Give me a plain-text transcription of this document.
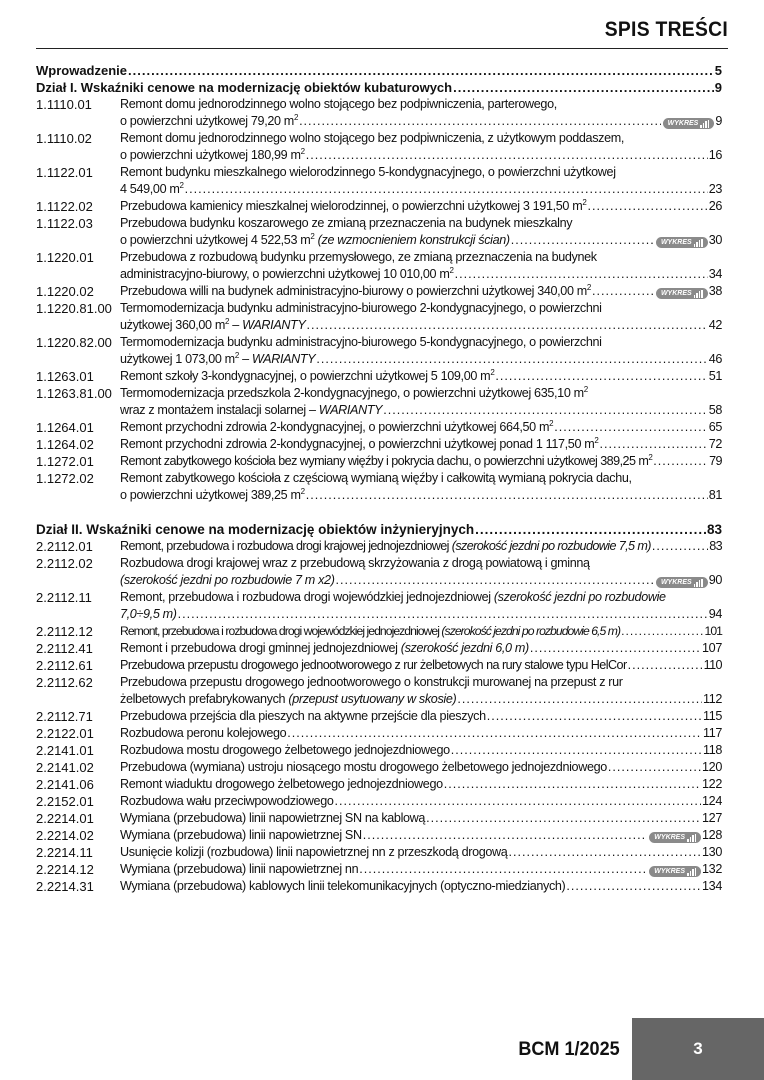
SPIS TREŚCI
Wprowadzenie .....	5
Dział I. Wskaźniki cenowe na modernizację obiektów kubaturowych .....	9
1.1110.01	Remont domu jednorodzinnego wolno stojącego bez podpiwniczenia, parterowego,
o powierzchni użytkowej 79,20 $m^2$
.....
WYKRES 9
1.1110.02	Remont domu jednorodzinnego wolno stojącego bez podpiwniczenia, z użytkowym poddaszem,
o powierzchni użytkowej 180,99 $m^2$ .....	16
1.1122.01	Remont budynku mieszkalnego wielorodzinnego 5-kondygnacyjnego, o powierzchni użytkowej
4 549,00 $m^2$ .....	23
1.1122.02	Przebudowa kamienicy mieszkalnej wielorodzinnej, o powierzchni użytkowej 3 191,50 $m^2$ .....	26
1.1122.03	Przebudowa budynku koszarowego ze zmianą przeznaczenia na budynek mieszkalny
o powierzchni użytkowej 4 522,53 $m^2$ (ze wzmocnieniem konstrukcji ścian) .....	WYKRES 30
1.1220.01	Przebudowa z rozbudową budynku przemysłowego, ze zmianą przeznaczenia na budynek
administracyjno-biurowy, o powierzchni użytkowej 10 010,00 $m^2$ .....	34
1.1220.02	Przebudowa willi na budynek administracyjno-biurowy o powierzchni użytkowej 340,00 $m^2$
.....
WYKRES 38
1.1220.81.00 Termomodernizacja budynku administracyjno-biurowego 2-kondygnacyjnego, o powierzchni
użytkowej 360,00 $m^2$ – WARIANTY .....	42
1.1220.82.00 Termomodernizacja budynku administracyjno-biurowego 5-kondygnacyjnego, o powierzchni
użytkowej 1 073,00 $m^2$ – WARIANTY .....	46
1.1263.01	Remont szkoły 3-kondygnacyjnej, o powierzchni użytkowej 5 109,00 $m^2$ .....	51
1.1263.81.00 Termomodernizacja przedszkola 2-kondygnacyjnego, o powierzchni użytkowej 635,10 $m^2$
wraz z montażem instalacji solarnej – WARIANTY .....	58
1.1264.01	Remont przychodni zdrowia 2-kondygnacyjnej, o powierzchni użytkowej 664,50 $m^2$ .....	65
1.1264.02	Remont przychodni zdrowia 2-kondygnacyjnej, o powierzchni użytkowej ponad 1 117,50 $m^2$ .....	72
1.1272.01	Remont zabytkowego kościoła bez wymiany więźby i pokrycia dachu, o powierzchni użytkowej 389,25 $m^2$ .....	79
1.1272.02	Remont zabytkowego kościoła z częściową wymianą więźby i całkowitą wymianą pokrycia dachu,
o powierzchni użytkowej 389,25 $m^2$ .....	81
Dział II. Wskaźniki cenowe na modernizację obiektów inżynieryjnych .....	83
2.2112.01	Remont, przebudowa i rozbudowa drogi krajowej jednojezdniowej (szerokość jezdni po rozbudowie 7,5 m) .....	83
2.2112.02	Rozbudowa drogi krajowej wraz z przebudową skrzyżowania z drogą powiatową i gminną
(szerokość jezdni po rozbudowie 7 m x2) .....	WYKRES 90
2.2112.11	Remont, przebudowa i rozbudowa drogi wojewódzkiej jednojezdniowej (szerokość jezdni po rozbudowie
7,0÷9,5 m) .....	94
2.2112.12	Remont, przebudowa i rozbudowa drogi wojewódzkiej jednojezdniowej (szerokość jezdni po rozbudowie 6,5 m) .....	101
2.2112.41	Remont i przebudowa drogi gminnej jednojezdniowej (szerokość jezdni 6,0 m) .....	107
2.2112.61	Przebudowa przepustu drogowego jednootworowego z rur żelbetowych na rury stalowe typu HelCor .....	110
2.2112.62	Przebudowa przepustu drogowego jednootworowego o konstrukcji murowanej na przepust z rur
żelbetowych prefabrykowanych (przepust usytuowany w skosie) .....	112
2.2112.71	Przebudowa przejścia dla pieszych na aktywne przejście dla pieszych .....	115
2.2122.01	Rozbudowa peronu kolejowego .....	117
2.2141.01	Rozbudowa mostu drogowego żelbetowego jednojezdniowego .....	118
2.2141.02	Przebudowa (wymiana) ustroju niosącego mostu drogowego żelbetowego jednojezdniowego .....	120
2.2141.06	Remont wiaduktu drogowego żelbetowego jednojezdniowego .....	122
2.2152.01	Rozbudowa wału przeciwpowodziowego .....	124
2.2214.01	Wymiana (przebudowa) linii napowietrznej SN na kablową .....	127
2.2214.02	Wymiana (przebudowa) linii napowietrznej SN .....	WYKRES 128
2.2214.11	Usunięcie kolizji (rozbudowa) linii napowietrznej nn z przeszkodą drogową .....	130
2.2214.12	Wymiana (przebudowa) linii napowietrznej nn .....	WYKRES 132
2.2214.31	Wymiana (przebudowa) kablowych linii telekomunikacyjnych (optyczno-miedzianych) .....	134
BCM 1/2025	3
